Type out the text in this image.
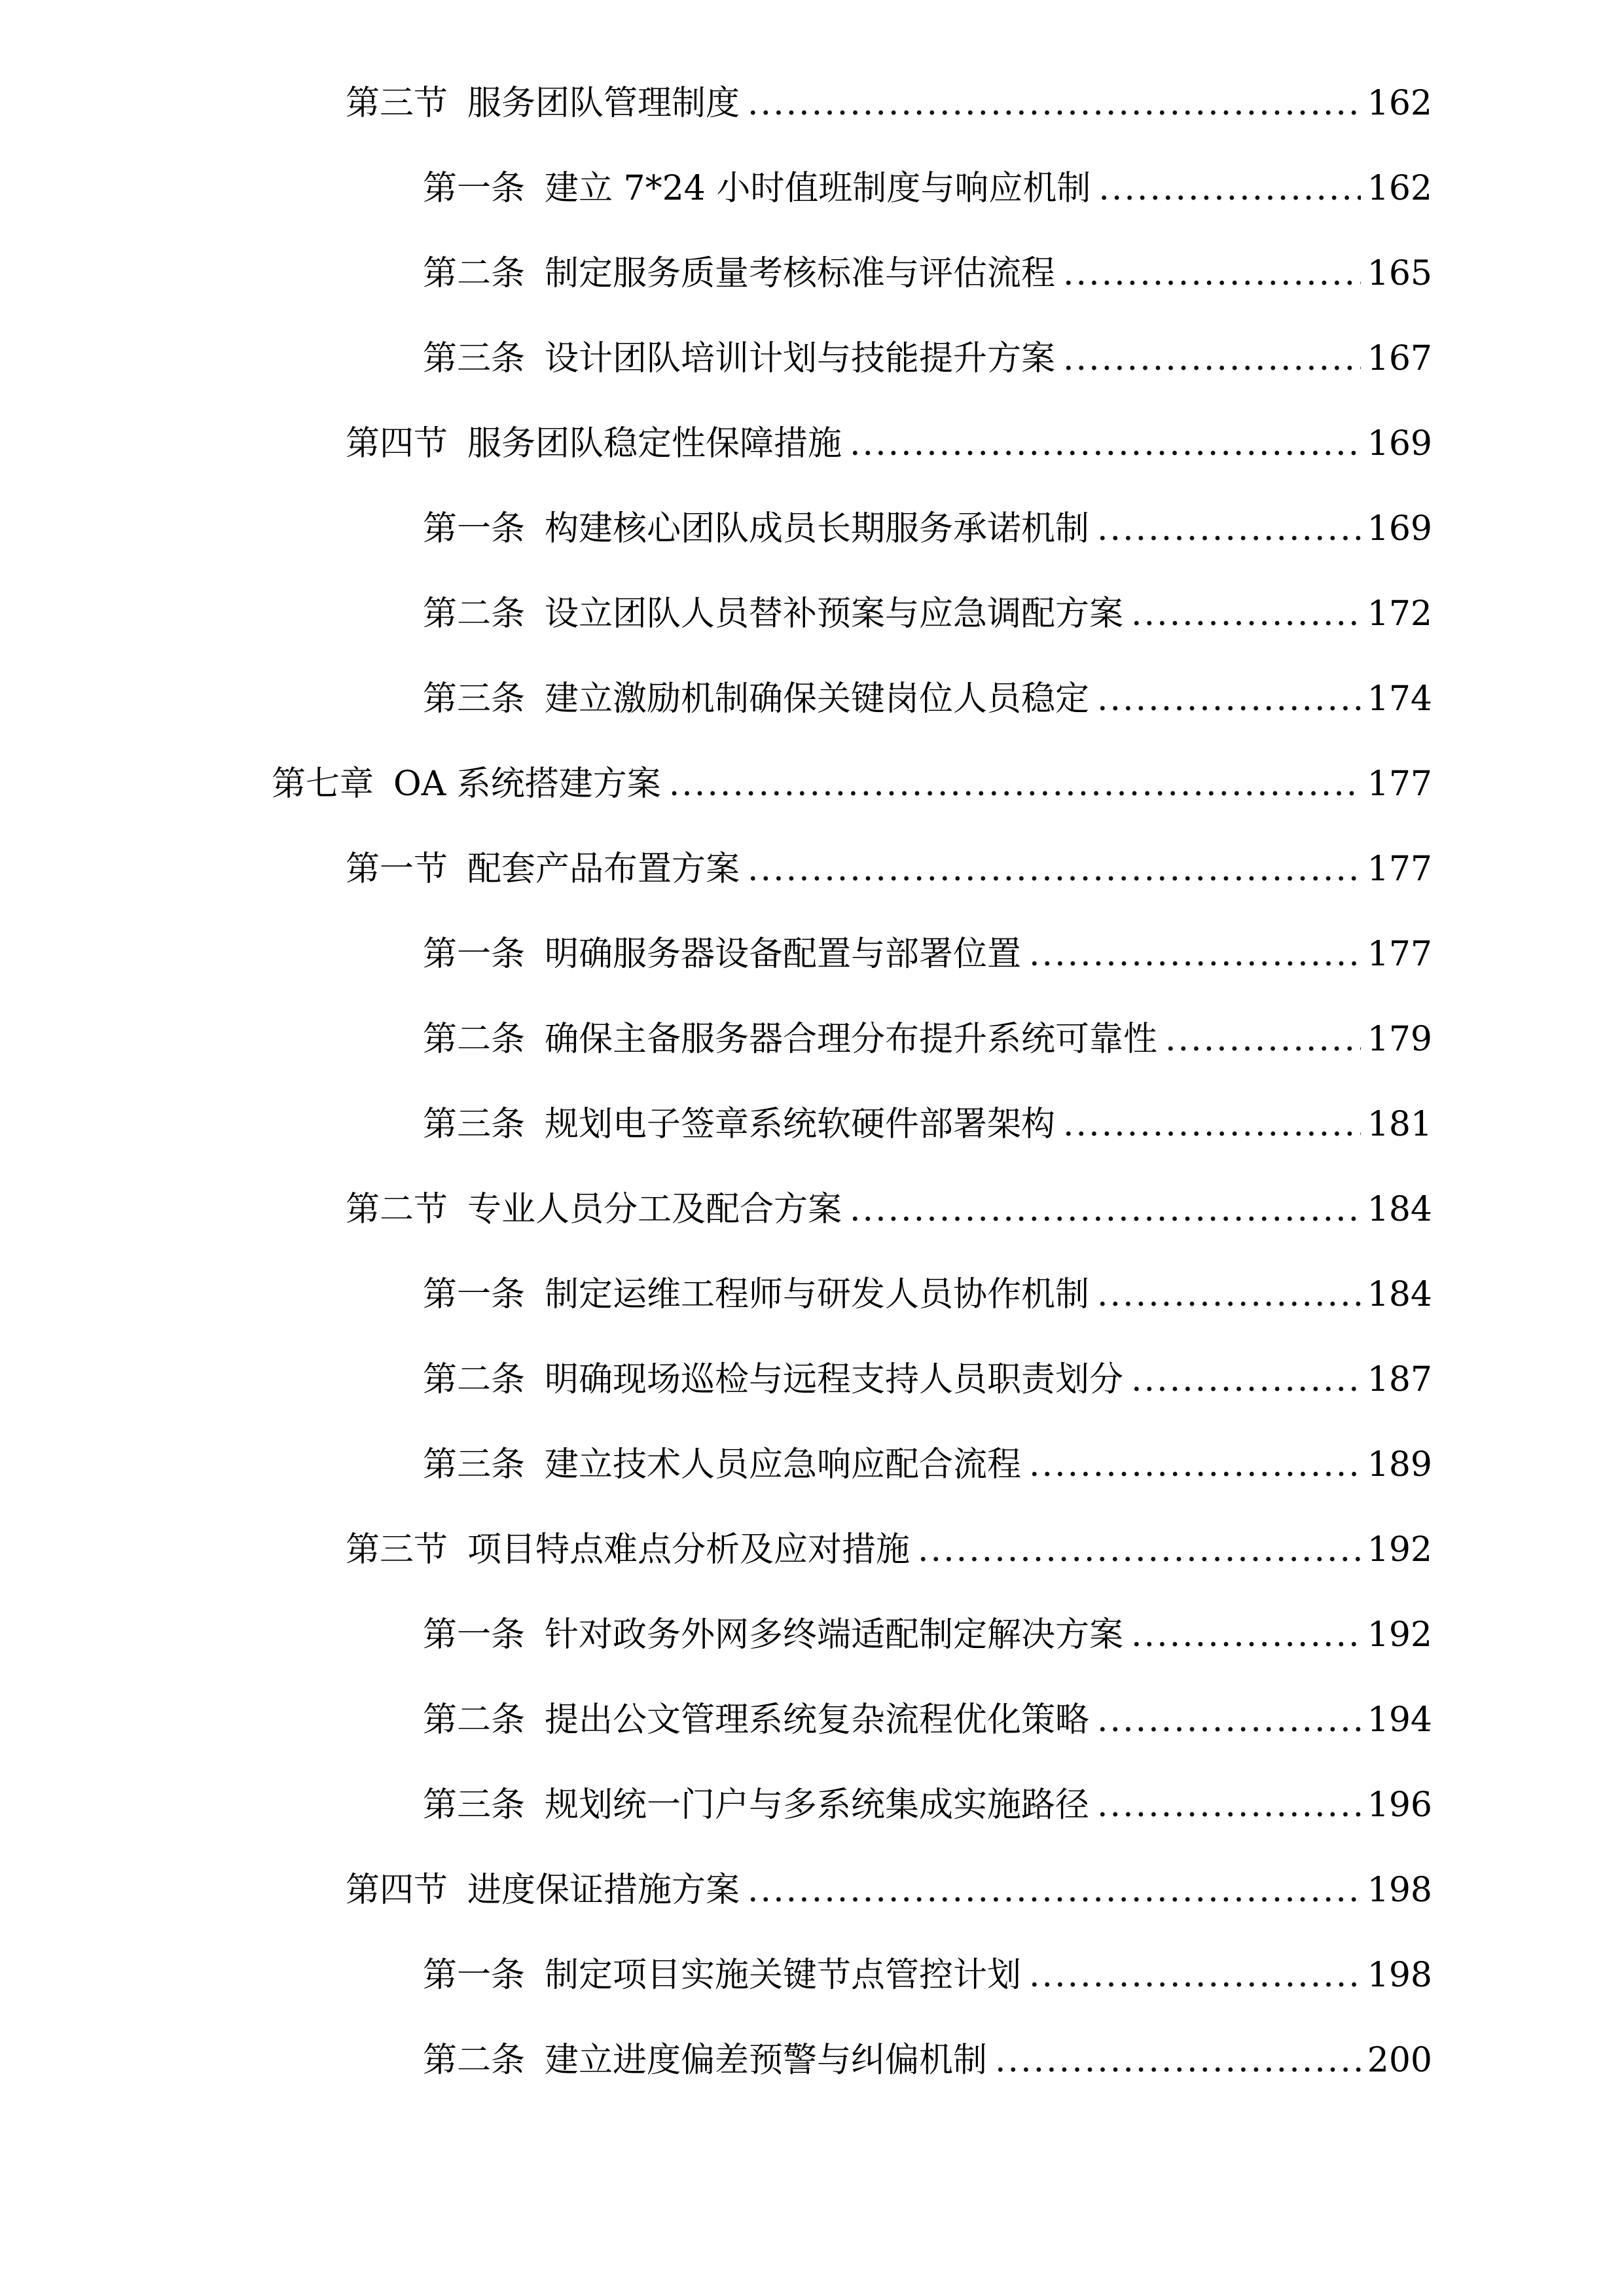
第三节 服务团队管理制度 .....	162
第一条 建立 7*24 小时值班制度与响应机制 .....	162
第二条 制定服务质量考核标准与评估流程 .....	165
第三条 设计团队培训计划与技能提升方案 .....	167
第四节 服务团队稳定性保障措施 .....	169
第一条 构建核心团队成员长期服务承诺机制 .....	169
第二条 设立团队人员替补预案与应急调配方案 .....	172
第三条 建立激励机制确保关键岗位人员稳定 .....	174
第七章 OA 系统搭建方案 .....	177
第一节 配套产品布置方案 .....	177
第一条 明确服务器设备配置与部署位置 .....	177
第二条 确保主备服务器合理分布提升系统可靠性 .....	179
第三条 规划电子签章系统软硬件部署架构 .....	181
第二节 专业人员分工及配合方案 .....	184
第一条 制定运维工程师与研发人员协作机制 .....	184
第二条 明确现场巡检与远程支持人员职责划分 .....	187
第三条 建立技术人员应急响应配合流程 .....	189
第三节 项目特点难点分析及应对措施 .....	192
第一条 针对政务外网多终端适配制定解决方案 .....	192
第二条 提出公文管理系统复杂流程优化策略 .....	194
第三条 规划统一门户与多系统集成实施路径 .....	196
第四节 进度保证措施方案 .....	198
第一条 制定项目实施关键节点管控计划 .....	198
第二条 建立进度偏差预警与纠偏机制 .....	200
